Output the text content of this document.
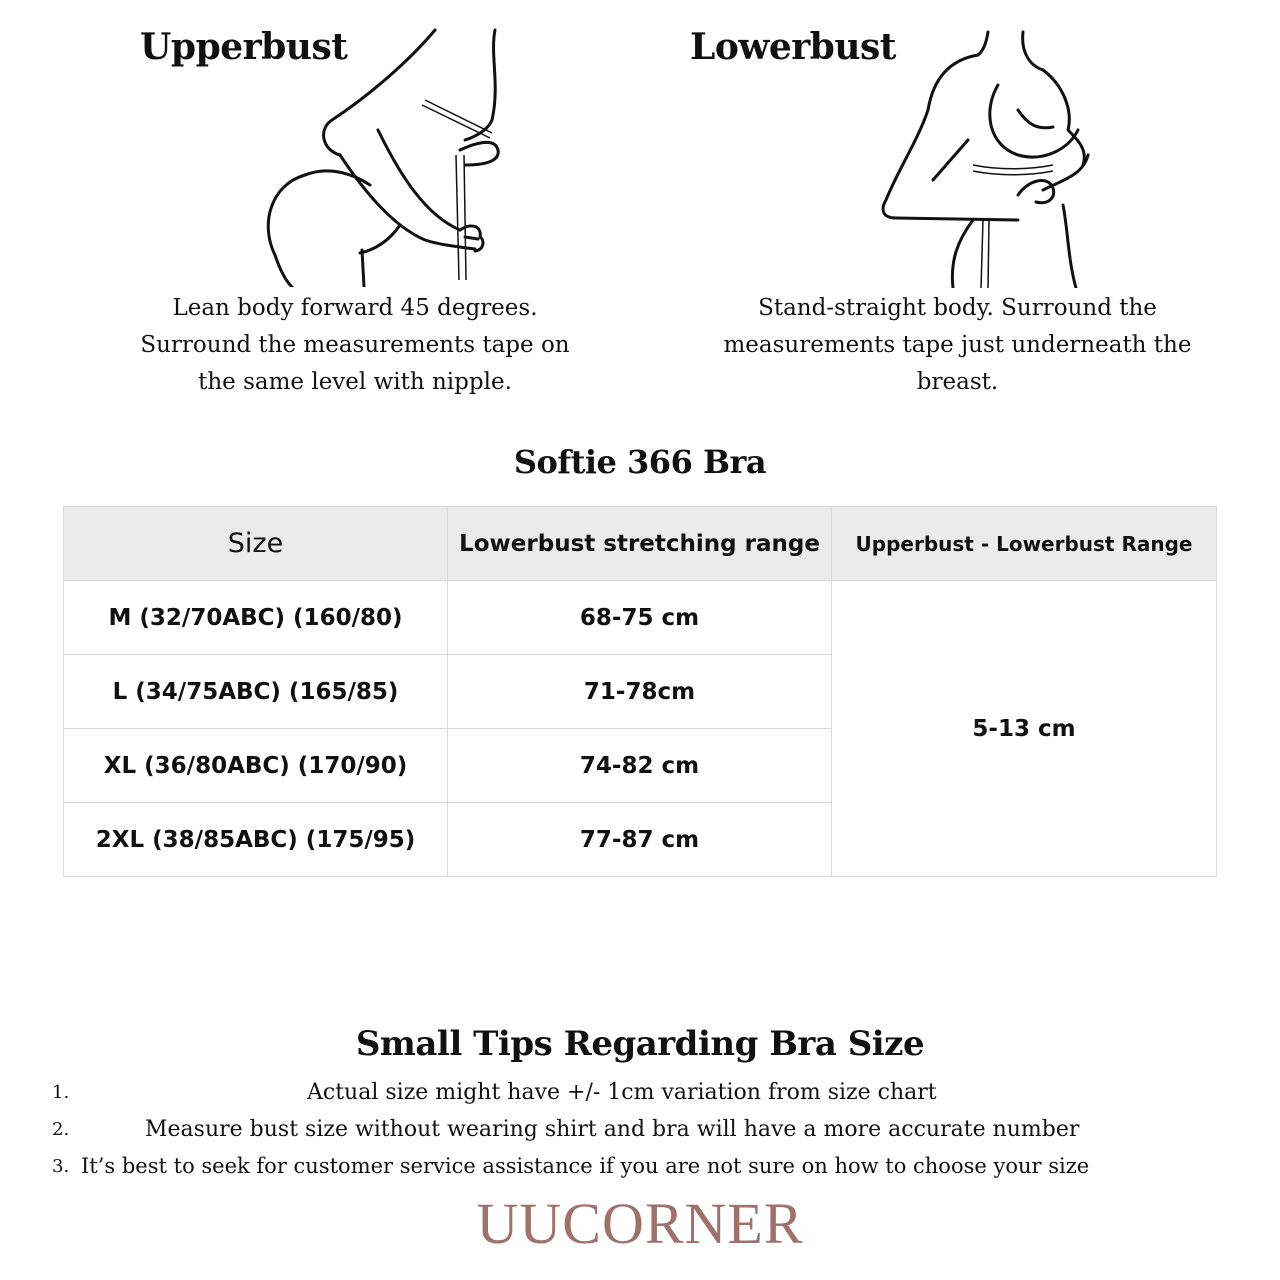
Upperbust
Lean body forward 45 degrees.
Surround the measurements tape on
the same level with nipple.
Lowerbust
Stand-straight body. Surround the
measurements tape just underneath the
breast.
Softie 366 Bra
Size	Lowerbust stretching range	Upperbust - Lowerbust Range
M (32/70ABC) (160/80)	68-75 cm	5-13 cm
L (34/75ABC) (165/85)	71-78cm	
XL (36/80ABC) (170/90)	74-82 cm	
2XL (38/85ABC) (175/95)	77-87 cm	
Small Tips Regarding Bra Size
1.	Actual size might have +/- 1cm variation from size chart
2.	Measure bust size without wearing shirt and bra will have a more accurate number
3. It’s best to seek for customer service assistance if you are not sure on how to choose your size
UUCORNER
